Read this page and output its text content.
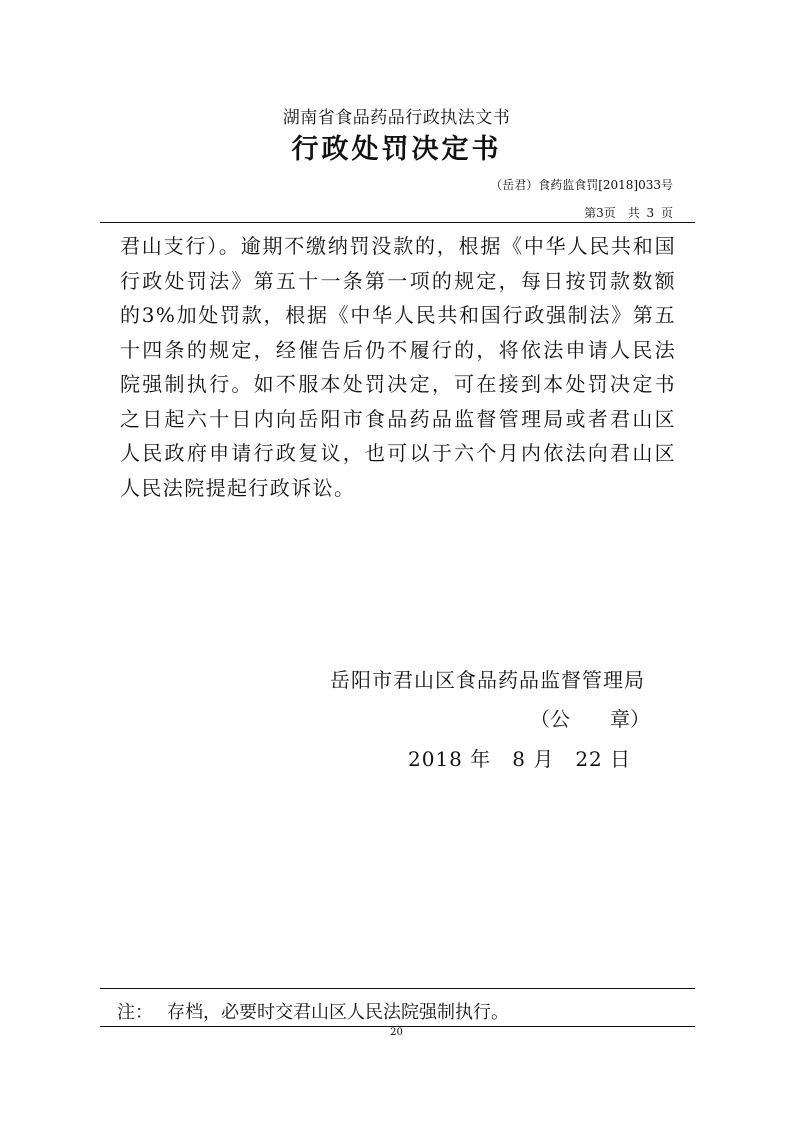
湖南省食品药品行政执法文书
行政处罚决定书
（岳君）食药监食罚[2018]033号
第3页　共 3 页
君山支行）。逾期不缴纳罚没款的，根据《中华人民共和国行政处罚法》第五十一条第一项的规定，每日按罚款数额的3%加处罚款，根据《中华人民共和国行政强制法》第五十四条的规定，经催告后仍不履行的，将依法申请人民法院强制执行。如不服本处罚决定，可在接到本处罚决定书之日起六十日内向岳阳市食品药品监督管理局或者君山区人民政府申请行政复议，也可以于六个月内依法向君山区人民法院提起行政诉讼。
岳阳市君山区食品药品监督管理局
（公　　章）
2018 年　8 月　22 日
注： 存档，必要时交君山区人民法院强制执行。
20
